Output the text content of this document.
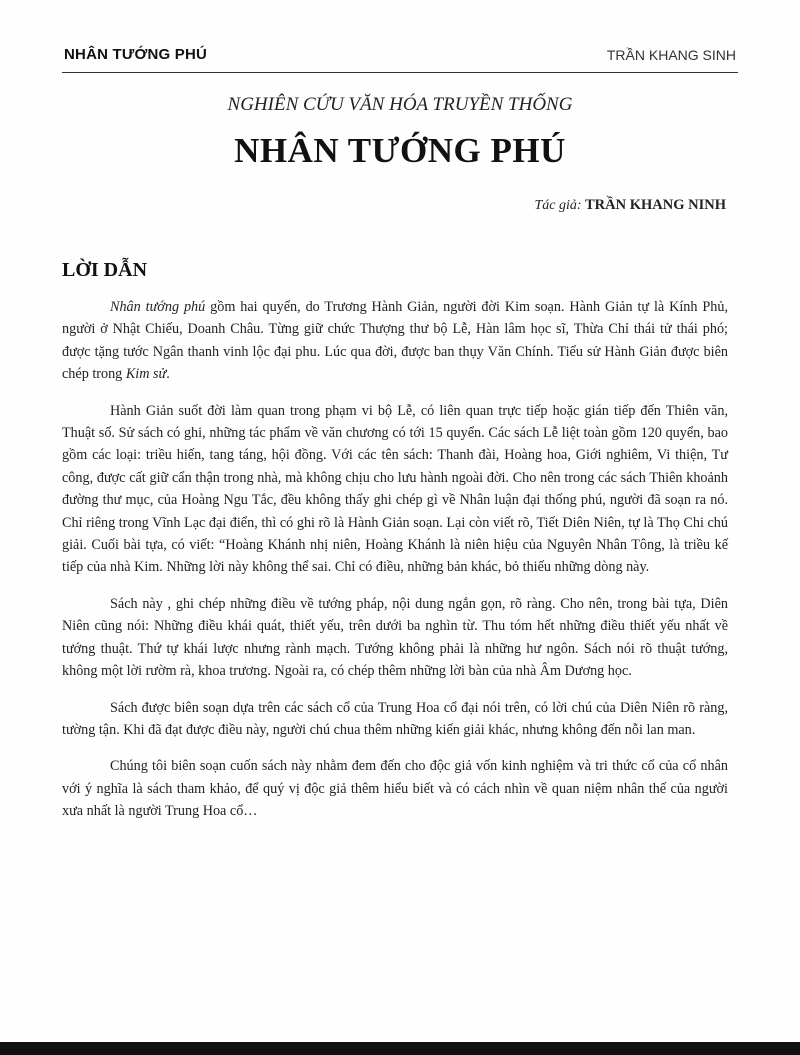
NHÂN TƯỚNG PHÚ	TRẦN KHANG SINH
NGHIÊN CỨU VĂN HÓA TRUYỀN THỐNG
NHÂN TƯỚNG PHÚ
Tác giả: TRẦN KHANG NINH
LỜI DẪN

Nhân tướng phú gồm hai quyển, do Trương Hành Giản, người đời Kim soạn. Hành Giản tự là Kính Phủ, người ở Nhật Chiếu, Doanh Châu. Từng giữ chức Thượng thư bộ Lễ, Hàn lâm học sĩ, Thừa Chỉ thái tử thái phó; được tặng tước Ngân thanh vinh lộc đại phu. Lúc qua đời, được ban thụy Văn Chính. Tiểu sử Hành Giản được biên chép trong Kim sử.

Hành Giản suốt đời làm quan trong phạm vi bộ Lễ, có liên quan trực tiếp hoặc gián tiếp đến Thiên văn, Thuật số. Sử sách có ghi, những tác phẩm về văn chương có tới 15 quyển. Các sách Lễ liệt toàn gồm 120 quyển, bao gồm các loại: triều hiến, tang táng, hội đồng. Với các tên sách: Thanh đài, Hoàng hoa, Giới nghiêm, Vi thiện, Tư công, được cất giữ cẩn thận trong nhà, mà không chịu cho lưu hành ngoài đời. Cho nên trong các sách Thiên khoảnh đường thư mục, của Hoàng Ngu Tắc, đều không thấy ghi chép gì về Nhân luận đại thống phú, người đã soạn ra nó. Chỉ riêng trong Vĩnh Lạc đại điển, thì có ghi rõ là Hành Giản soạn. Lại còn viết rõ, Tiết Diên Niên, tự là Thọ Chi chú giải. Cuối bài tựa, có viết: “Hoàng Khánh nhị niên, Hoàng Khánh là niên hiệu của Nguyên Nhân Tông, là triều kế tiếp của nhà Kim. Những lời này không thể sai. Chỉ có điều, những bản khác, bỏ thiếu những dòng này.

Sách này , ghi chép những điều về tướng pháp, nội dung ngắn gọn, rõ ràng. Cho nên, trong bài tựa, Diên Niên cũng nói: Những điều khái quát, thiết yếu, trên dưới ba nghìn từ. Thu tóm hết những điều thiết yếu nhất về tướng thuật. Thứ tự khái lược nhưng rành mạch. Tướng không phải là những hư ngôn. Sách nói rõ thuật tướng, không một lời rườm rà, khoa trương. Ngoài ra, có chép thêm những lời bàn của nhà Âm Dương học.

Sách được biên soạn dựa trên các sách cổ của Trung Hoa cổ đại nói trên, có lời chú của Diên Niên rõ ràng, tường tận. Khi đã đạt được điều này, người chú chua thêm những kiến giải khác, nhưng không đến nỗi lan man.

Chúng tôi biên soạn cuốn sách này nhằm đem đến cho độc giả vốn kinh nghiệm và tri thức cổ của cổ nhân với ý nghĩa là sách tham khảo, để quý vị độc giả thêm hiểu biết và có cách nhìn về quan niệm nhân thế của người xưa nhất là người Trung Hoa cổ…
